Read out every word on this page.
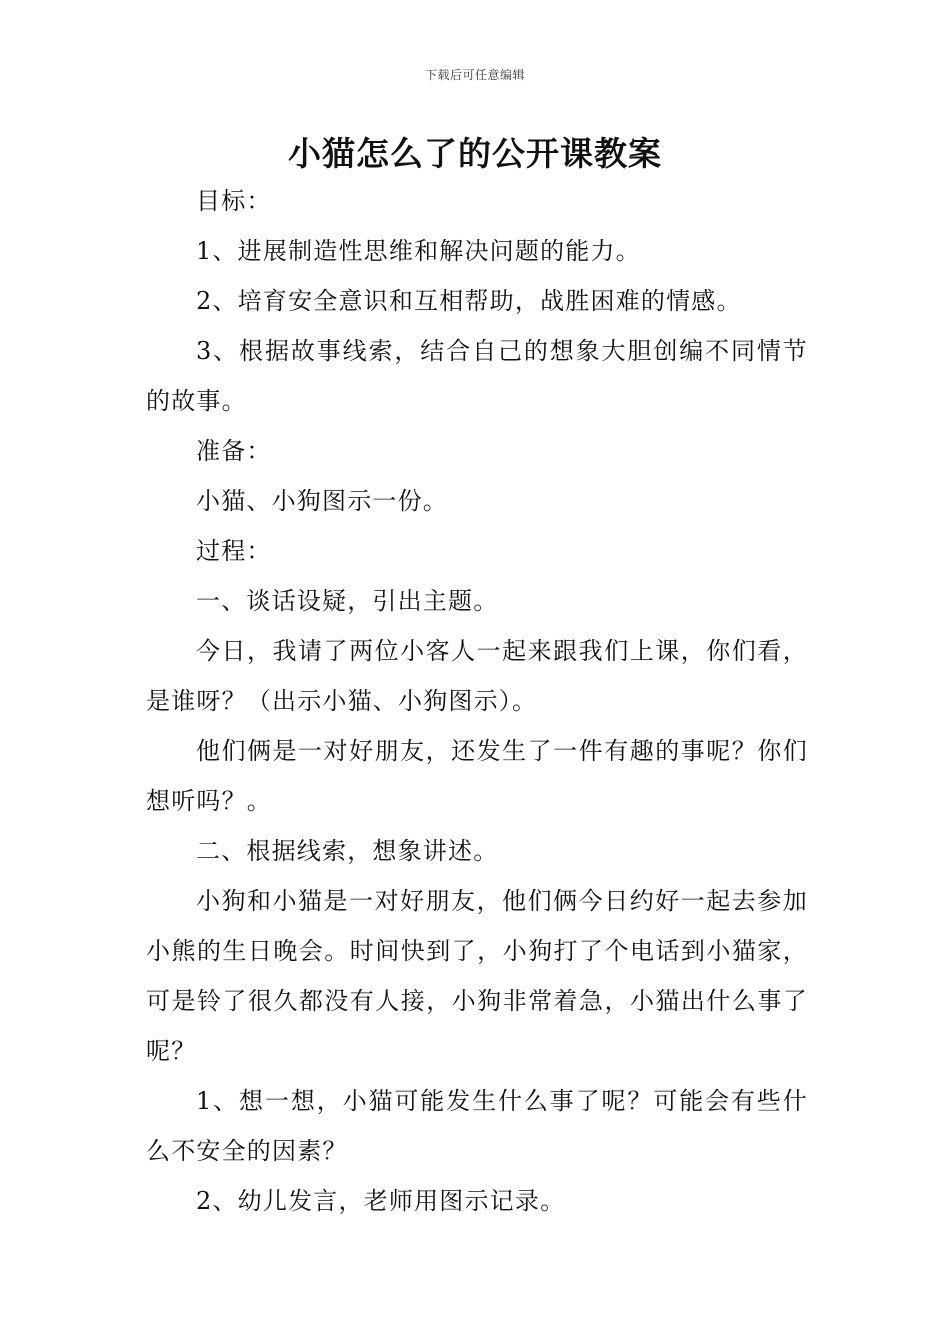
下载后可任意编辑
小猫怎么了的公开课教案

目标：

1、进展制造性思维和解决问题的能力。

2、培育安全意识和互相帮助，战胜困难的情感。

3、根据故事线索，结合自己的想象大胆创编不同情节的故事。

准备：

小猫、小狗图示一份。

过程：

一、谈话设疑，引出主题。

今日，我请了两位小客人一起来跟我们上课，你们看，是谁呀？（出示小猫、小狗图示）。

他们俩是一对好朋友，还发生了一件有趣的事呢？你们想听吗？。

二、根据线索，想象讲述。

小狗和小猫是一对好朋友，他们俩今日约好一起去参加小熊的生日晚会。时间快到了，小狗打了个电话到小猫家，可是铃了很久都没有人接，小狗非常着急，小猫出什么事了呢？

1、想一想，小猫可能发生什么事了呢？可能会有些什么不安全的因素？

2、幼儿发言，老师用图示记录。
